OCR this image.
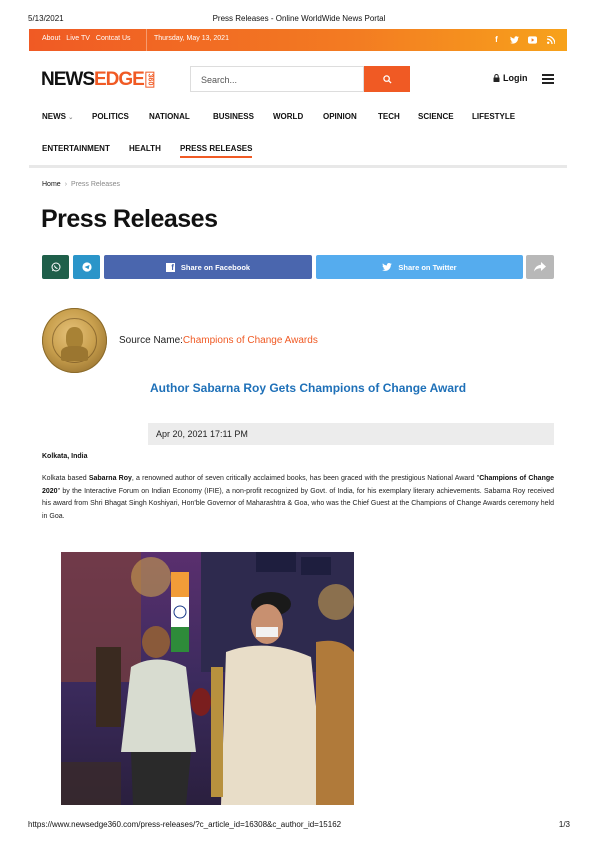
5/13/2021	Press Releases - Online WorldWide News Portal
About Live TV Contcat Us	Thursday, May 13, 2021	f
NEWSEDGE 360	Search...	Login
NEWS ⌄	POLITICS	NATIONAL	BUSINESS	WORLD	OPINION	TECH	SCIENCE	LIFESTYLE
ENTERTAINMENT	HEALTH	PRESS RELEASES
Home › Press Releases
Press Releases
f Share on Facebook	Share on Twitter
Source Name:Champions of Change Awards
Author Sabarna Roy Gets Champions of Change Award
Apr 20, 2021 17:11 PM
Kolkata, India

Kolkata based Sabarna Roy, a renowned author of seven critically acclaimed books, has been graced with the prestigious National Award "Champions of Change 2020" by the Interactive Forum on Indian Economy (IFIE), a non-profit recognized by Govt. of India, for his exemplary literary achievements. Sabarna Roy received his award from Shri Bhagat Singh Koshiyari, Hon'ble Governor of Maharashtra & Goa, who was the Chief Guest at the Champions of Change Awards ceremony held in Goa.

https://www.newsedge360.com/press-releases/?c_article_id=16308&c_author_id=15162	1/3
